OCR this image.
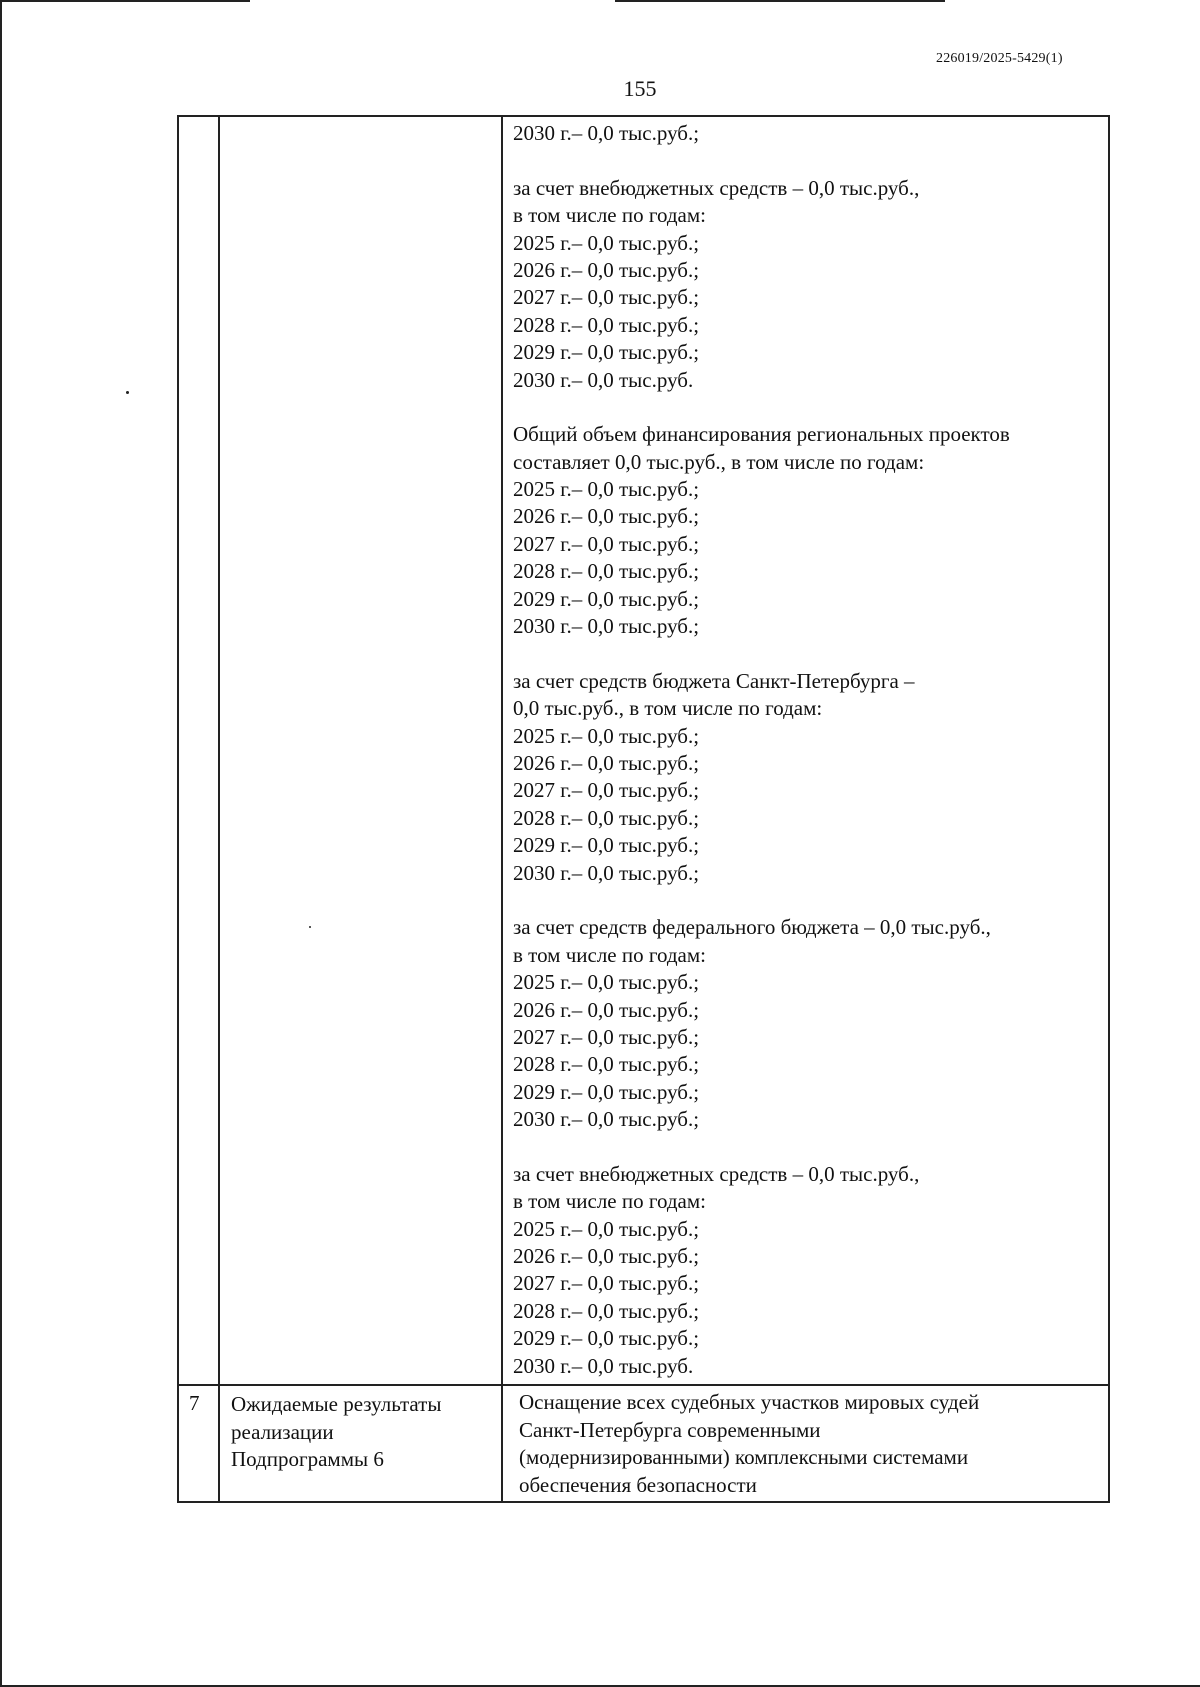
226019/2025-5429(1)
155
2030 г.– 0,0 тыс.руб.;
за счет внебюджетных средств – 0,0 тыс.руб.,
в том числе по годам:
2025 г.– 0,0 тыс.руб.;
2026 г.– 0,0 тыс.руб.;
2027 г.– 0,0 тыс.руб.;
2028 г.– 0,0 тыс.руб.;
2029 г.– 0,0 тыс.руб.;
2030 г.– 0,0 тыс.руб.
Общий объем финансирования региональных проектов
составляет 0,0 тыс.руб., в том числе по годам:
2025 г.– 0,0 тыс.руб.;
2026 г.– 0,0 тыс.руб.;
2027 г.– 0,0 тыс.руб.;
2028 г.– 0,0 тыс.руб.;
2029 г.– 0,0 тыс.руб.;
2030 г.– 0,0 тыс.руб.;
за счет средств бюджета Санкт-Петербурга –
0,0 тыс.руб., в том числе по годам:
2025 г.– 0,0 тыс.руб.;
2026 г.– 0,0 тыс.руб.;
2027 г.– 0,0 тыс.руб.;
2028 г.– 0,0 тыс.руб.;
2029 г.– 0,0 тыс.руб.;
2030 г.– 0,0 тыс.руб.;
за счет средств федерального бюджета – 0,0 тыс.руб.,
в том числе по годам:
2025 г.– 0,0 тыс.руб.;
2026 г.– 0,0 тыс.руб.;
2027 г.– 0,0 тыс.руб.;
2028 г.– 0,0 тыс.руб.;
2029 г.– 0,0 тыс.руб.;
2030 г.– 0,0 тыс.руб.;
за счет внебюджетных средств – 0,0 тыс.руб.,
в том числе по годам:
2025 г.– 0,0 тыс.руб.;
2026 г.– 0,0 тыс.руб.;
2027 г.– 0,0 тыс.руб.;
2028 г.– 0,0 тыс.руб.;
2029 г.– 0,0 тыс.руб.;
2030 г.– 0,0 тыс.руб.
7 Ожидаемые результаты
реализации
Подпрограммы 6
Оснащение всех судебных участков мировых судей
Санкт-Петербурга современными
(модернизированными) комплексными системами
обеспечения безопасности
